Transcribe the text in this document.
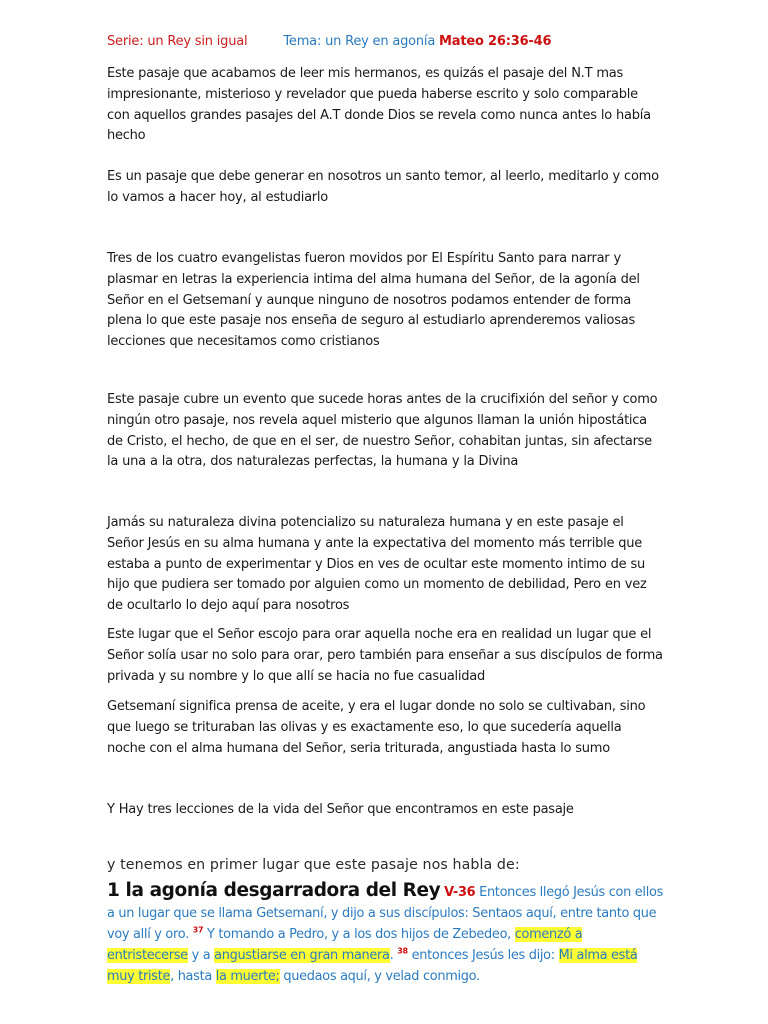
Serie: un Rey sin igual	Tema: un Rey en agonía Mateo 26:36-46
Este pasaje que acabamos de leer mis hermanos, es quizás el pasaje del N.T mas impresionante, misterioso y revelador que pueda haberse escrito y solo comparable con aquellos grandes pasajes del A.T donde Dios se revela como nunca antes lo había hecho
Es un pasaje que debe generar en nosotros un santo temor, al leerlo, meditarlo y como lo vamos a hacer hoy, al estudiarlo
Tres de los cuatro evangelistas fueron movidos por El Espíritu Santo para narrar y plasmar en letras la experiencia intima del alma humana del Señor, de la agonía del Señor en el Getsemaní y aunque ninguno de nosotros podamos entender de forma plena lo que este pasaje nos enseña de seguro al estudiarlo aprenderemos valiosas lecciones que necesitamos como cristianos
Este pasaje cubre un evento que sucede horas antes de la crucifixión del señor y como ningún otro pasaje, nos revela aquel misterio que algunos llaman la unión hipostática de Cristo, el hecho, de que en el ser, de nuestro Señor, cohabitan juntas, sin afectarse la una a la otra, dos naturalezas perfectas, la humana y la Divina
Jamás su naturaleza divina potencializo su naturaleza humana y en este pasaje el Señor Jesús en su alma humana y ante la expectativa del momento más terrible que estaba a punto de experimentar y Dios en ves de ocultar este momento intimo de su hijo que pudiera ser tomado por alguien como un momento de debilidad, Pero en vez de ocultarlo lo dejo aquí para nosotros
Este lugar que el Señor escojo para orar aquella noche era en realidad un lugar que el Señor solía usar no solo para orar, pero también para enseñar a sus discípulos de forma privada y su nombre y lo que allí se hacia no fue casualidad
Getsemaní significa prensa de aceite, y era el lugar donde no solo se cultivaban, sino que luego se trituraban las olivas y es exactamente eso, lo que sucedería aquella noche con el alma humana del Señor, seria triturada, angustiada hasta lo sumo
Y Hay tres lecciones de la vida del Señor que encontramos en este pasaje
y tenemos en primer lugar que este pasaje nos habla de:
1 la agonía desgarradora del Rey V-36 Entonces llegó Jesús con ellos a un lugar que se llama Getsemaní, y dijo a sus discípulos: Sentaos aquí, entre tanto que voy allí y oro. $^{37}$ Y tomando a Pedro, y a los dos hijos de Zebedeo, comenzó a entristecerse y a angustiarse en gran manera. $^{38}$ entonces Jesús les dijo: Mi alma está muy triste, hasta la muerte; quedaos aquí, y velad conmigo.
